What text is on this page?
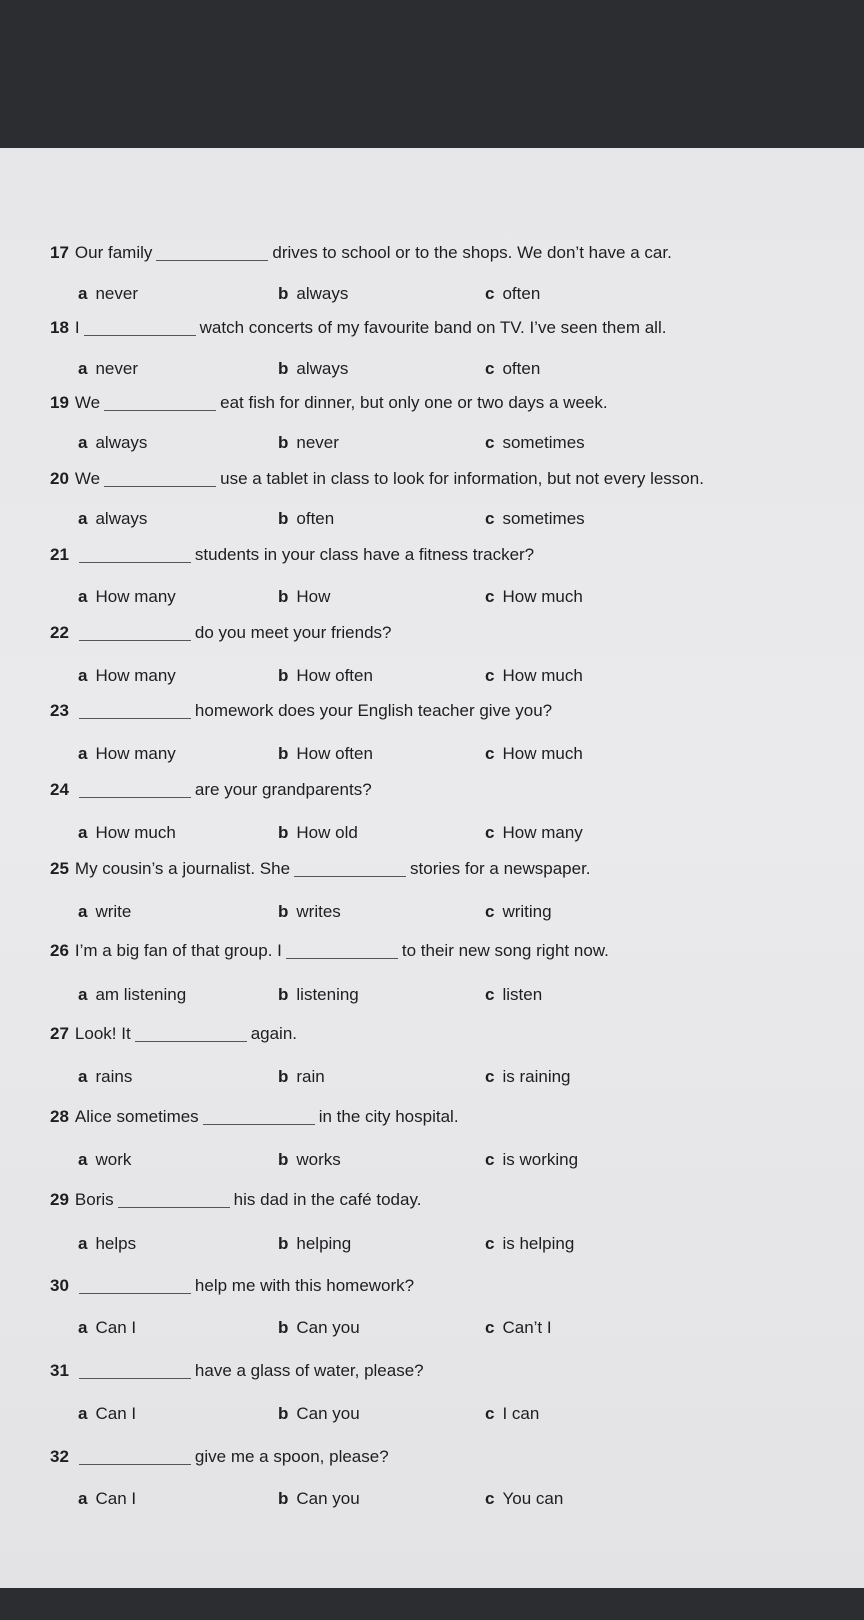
17 Our family	drives to school or to the shops. We don’t have a car.
a never	b always	c often
18 I	watch concerts of my favourite band on TV. I’ve seen them all.
a never	b always	c often
19 We	eat fish for dinner, but only one or two days a week.
a always	b never	c sometimes
20 We	use a tablet in class to look for information, but not every lesson.
a always	b often	c sometimes
21	students in your class have a fitness tracker?
a How many	b How	c How much
22	do you meet your friends?
a How many	b How often	c How much
23	homework does your English teacher give you?
a How many	b How often	c How much
24	are your grandparents?
a How much	b How old	c How many
25 My cousin’s a journalist. She	stories for a newspaper.
a write	b writes	c writing
26 I’m a big fan of that group. I	to their new song right now.
a am listening	b listening	c listen
27 Look! It	again.
a rains	b rain	c is raining
28 Alice sometimes	in the city hospital.
a work	b works	c is working
29 Boris	his dad in the café today.
a helps	b helping	c is helping
30	help me with this homework?
a Can I	b Can you	c Can’t I
31	have a glass of water, please?
a Can I	b Can you	c I can
32	give me a spoon, please?
a Can I	b Can you	c You can
